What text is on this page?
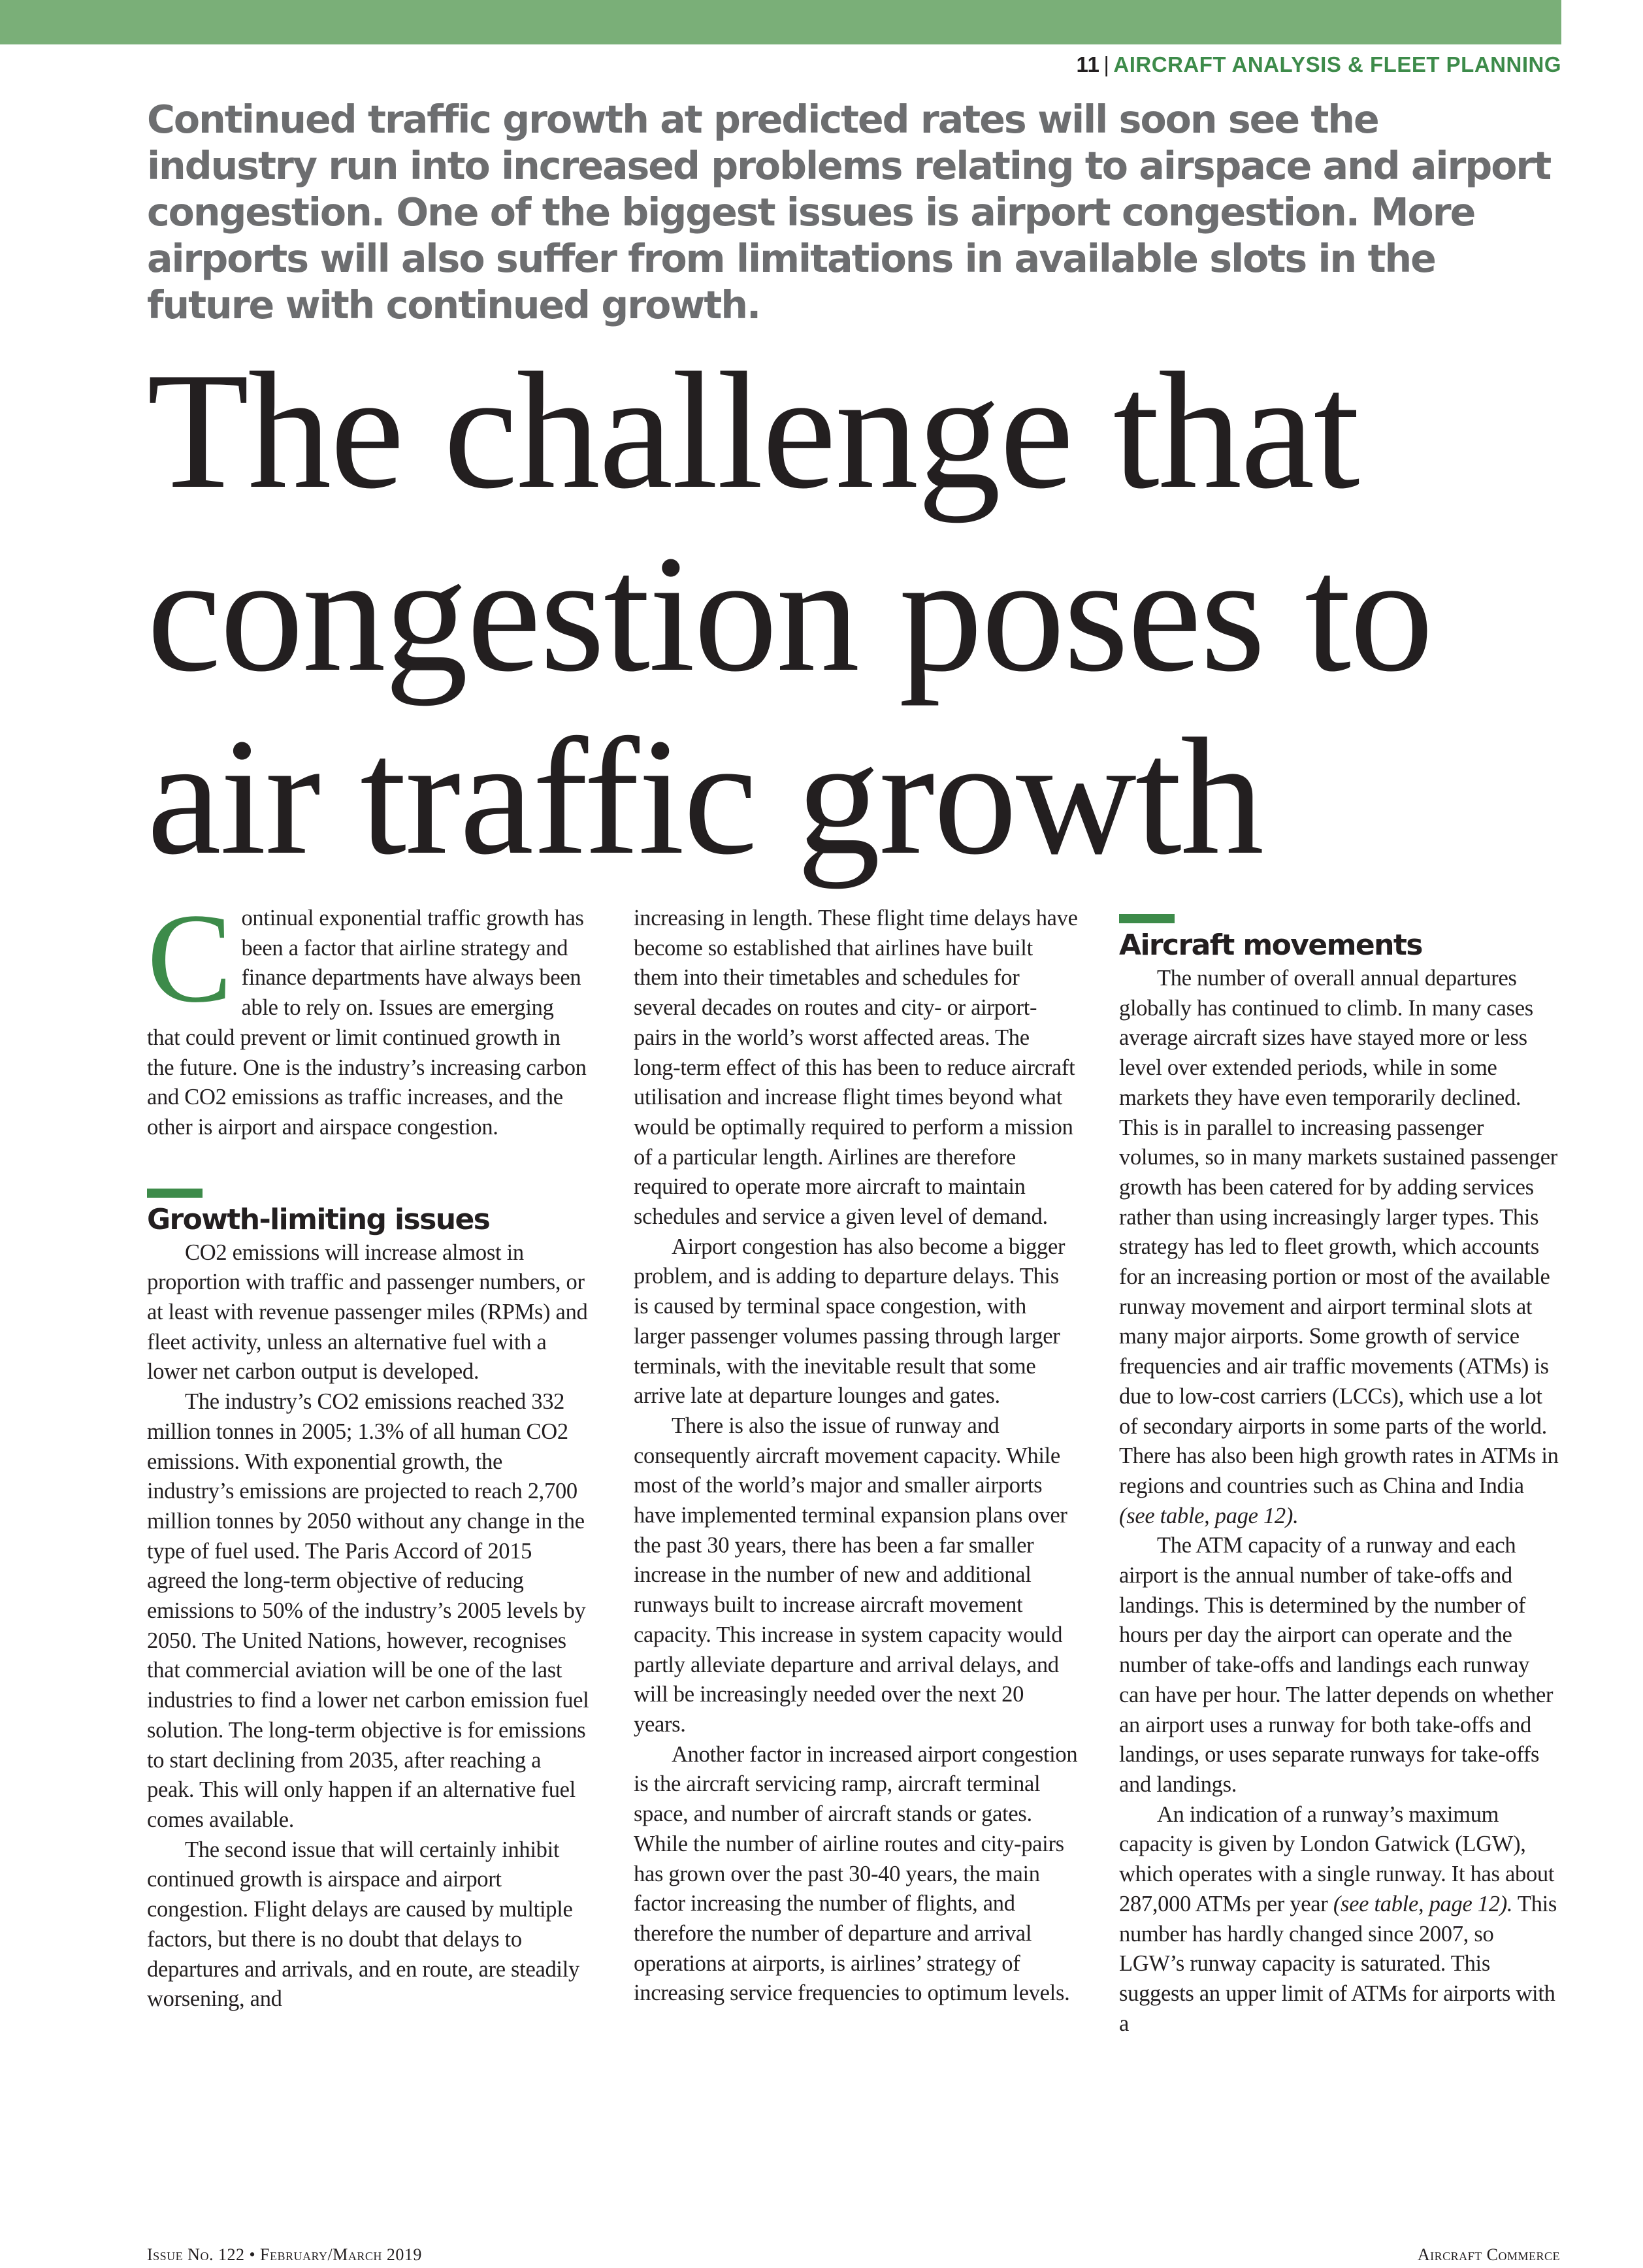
11 | AIRCRAFT ANALYSIS & FLEET PLANNING
Continued traffic growth at predicted rates will soon see the industry run into increased problems relating to airspace and airport congestion. One of the biggest issues is airport congestion. More airports will also suffer from limitations in available slots in the future with continued growth.
The challenge that
congestion poses to
air traffic growth

Continual exponential traffic growth has been a factor that airline strategy and finance departments have always been able to rely on. Issues are emerging that could prevent or limit continued growth in the future. One is the industry’s increasing carbon and CO2 emissions as traffic increases, and the other is airport and airspace congestion.

Growth-limiting issues

CO2 emissions will increase almost in proportion with traffic and passenger numbers, or at least with revenue passenger miles (RPMs) and fleet activity, unless an alternative fuel with a lower net carbon output is developed.

The industry’s CO2 emissions reached 332 million tonnes in 2005; 1.3% of all human CO2 emissions. With exponential growth, the industry’s emissions are projected to reach 2,700 million tonnes by 2050 without any change in the type of fuel used. The Paris Accord of 2015 agreed the long-term objective of reducing emissions to 50% of the industry’s 2005 levels by 2050. The United Nations, however, recognises that commercial aviation will be one of the last industries to find a lower net carbon emission fuel solution. The long-term objective is for emissions to start declining from 2035, after reaching a peak. This will only happen if an alternative fuel comes available.

The second issue that will certainly inhibit continued growth is airspace and airport congestion. Flight delays are caused by multiple factors, but there is no doubt that delays to departures and arrivals, and en route, are steadily worsening, and

increasing in length. These flight time delays have become so established that airlines have built them into their timetables and schedules for several decades on routes and city- or airport-pairs in the world’s worst affected areas. The long-term effect of this has been to reduce aircraft utilisation and increase flight times beyond what would be optimally required to perform a mission of a particular length. Airlines are therefore required to operate more aircraft to maintain schedules and service a given level of demand.

Airport congestion has also become a bigger problem, and is adding to departure delays. This is caused by terminal space congestion, with larger passenger volumes passing through larger terminals, with the inevitable result that some arrive late at departure lounges and gates.

There is also the issue of runway and consequently aircraft movement capacity. While most of the world’s major and smaller airports have implemented terminal expansion plans over the past 30 years, there has been a far smaller increase in the number of new and additional runways built to increase aircraft movement capacity. This increase in system capacity would partly alleviate departure and arrival delays, and will be increasingly needed over the next 20 years.

Another factor in increased airport congestion is the aircraft servicing ramp, aircraft terminal space, and number of aircraft stands or gates. While the number of airline routes and city-pairs has grown over the past 30-40 years, the main factor increasing the number of flights, and therefore the number of departure and arrival operations at airports, is airlines’ strategy of increasing service frequencies to optimum levels.

Aircraft movements

The number of overall annual departures globally has continued to climb. In many cases average aircraft sizes have stayed more or less level over extended periods, while in some markets they have even temporarily declined. This is in parallel to increasing passenger volumes, so in many markets sustained passenger growth has been catered for by adding services rather than using increasingly larger types. This strategy has led to fleet growth, which accounts for an increasing portion or most of the available runway movement and airport terminal slots at many major airports. Some growth of service frequencies and air traffic movements (ATMs) is due to low-cost carriers (LCCs), which use a lot of secondary airports in some parts of the world. There has also been high growth rates in ATMs in regions and countries such as China and India (see table, page 12).

The ATM capacity of a runway and each airport is the annual number of take-offs and landings. This is determined by the number of hours per day the airport can operate and the number of take-offs and landings each runway can have per hour. The latter depends on whether an airport uses a runway for both take-offs and landings, or uses separate runways for take-offs and landings.

An indication of a runway’s maximum capacity is given by London Gatwick (LGW), which operates with a single runway. It has about 287,000 ATMs per year (see table, page 12). This number has hardly changed since 2007, so LGW’s runway capacity is saturated. This suggests an upper limit of ATMs for airports with a

Issue No. 122 • February/March 2019	Aircraft Commerce
